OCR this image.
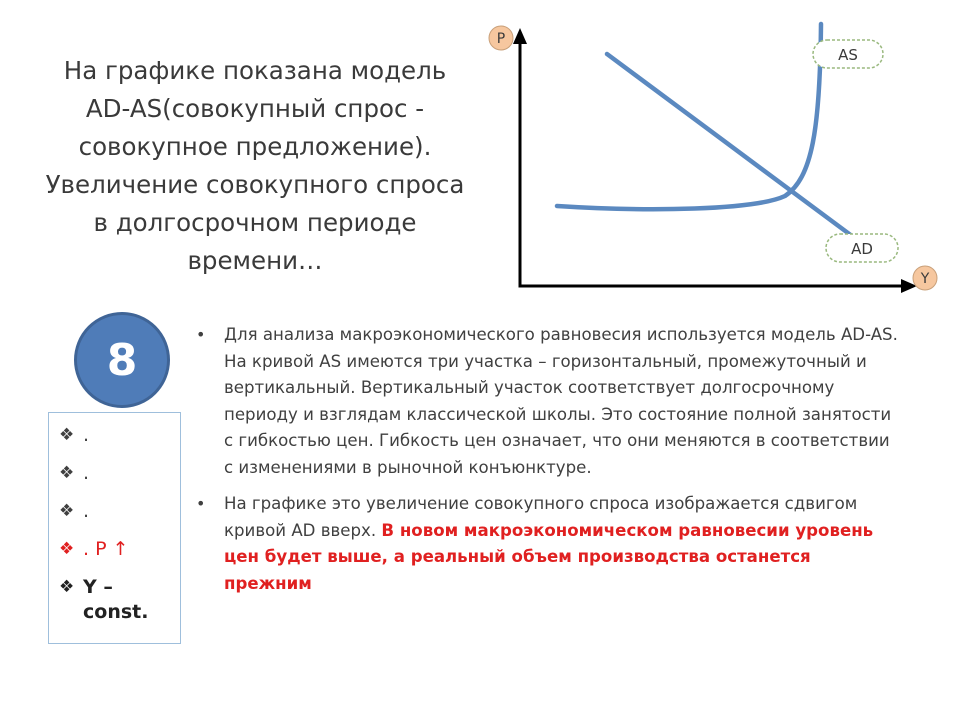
На графике показана модель AD-AS(совокупный спрос - совокупное предложение). Увеличение совокупного спроса в долгосрочном периоде времени…
P
Y
AS
AD
8
❖ .
❖ .
❖ .
❖ . P ↑
❖ Y – const.
•	Для анализа макроэкономического равновесия используется модель AD-AS. На кривой AS имеются три участка – горизонтальный, промежуточный и вертикальный. Вертикальный участок соответствует долгосрочному периоду и взглядам классической школы. Это состояние полной занятости с гибкостью цен. Гибкость цен означает, что они меняются в соответствии с изменениями в рыночной конъюнктуре.
•	На графике это увеличение совокупного спроса изображается сдвигом кривой AD вверх. В новом макроэкономическом равновесии уровень цен будет выше, а реальный объем производства останется прежним
